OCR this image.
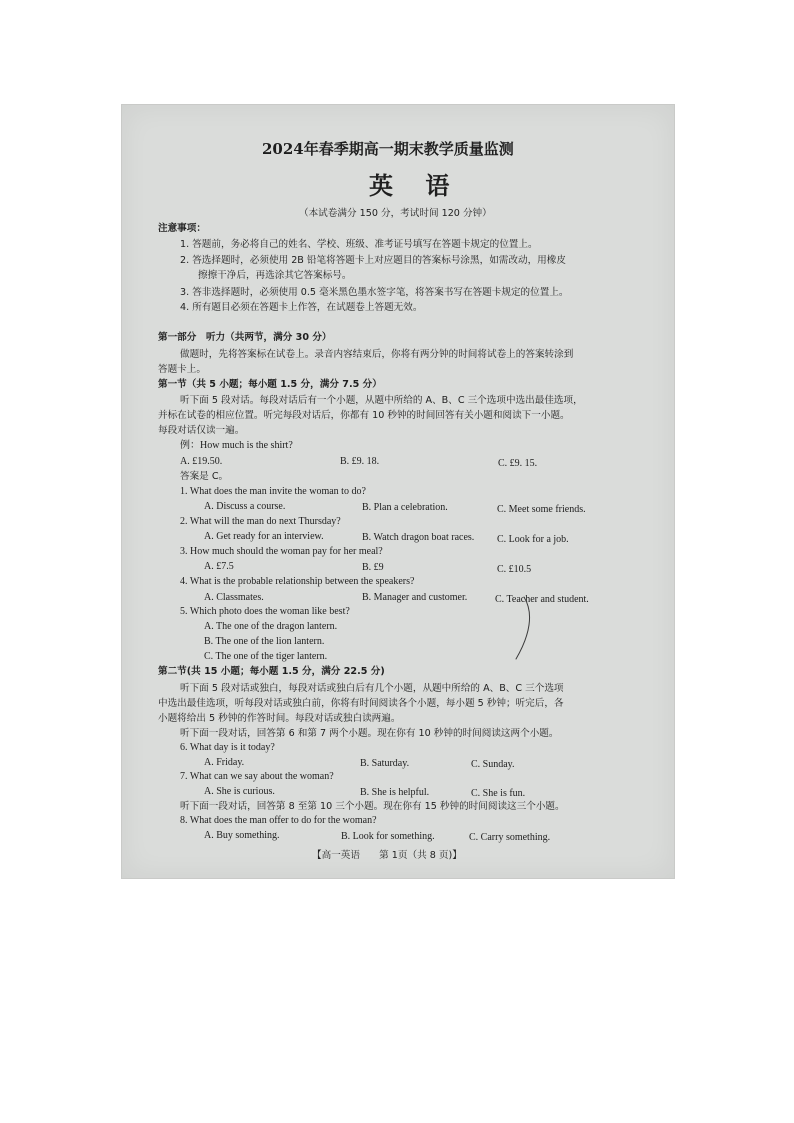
2024年春季期高一期末教学质量监测
英 语
（本试卷满分 150 分，考试时间 120 分钟）
注意事项：
1. 答题前，务必将自己的姓名、学校、班级、准考证号填写在答题卡规定的位置上。
2. 答选择题时，必须使用 2B 铅笔将答题卡上对应题目的答案标号涂黑，如需改动，用橡皮
擦擦干净后，再选涂其它答案标号。
3. 答非选择题时，必须使用 0.5 毫米黑色墨水签字笔，将答案书写在答题卡规定的位置上。
4. 所有题目必须在答题卡上作答，在试题卷上答题无效。
第一部分　听力（共两节，满分 30 分）
做题时，先将答案标在试卷上。录音内容结束后，你将有两分钟的时间将试卷上的答案转涂到
答题卡上。
第一节（共 5 小题；每小题 1.5 分，满分 7.5 分）
听下面 5 段对话。每段对话后有一个小题，从题中所给的 A、B、C 三个选项中选出最佳选项，
并标在试卷的相应位置。听完每段对话后，你都有 10 秒钟的时间回答有关小题和阅读下一小题。
每段对话仅读一遍。
例：How much is the shirt?
A. £19.50.	B. £9. 18.	C. £9. 15.
答案是 C。
1. What does the man invite the woman to do?
A. Discuss a course.	B. Plan a celebration.	C. Meet some friends.
2. What will the man do next Thursday?
A. Get ready for an interview.	B. Watch dragon boat races. C. Look for a job.
3. How much should the woman pay for her meal?
A. £7.5	B. £9	C. £10.5
4. What is the probable relationship between the speakers?
A. Classmates.	B. Manager and customer.	C. Teacher and student.
5. Which photo does the woman like best?
A. The one of the dragon lantern.
B. The one of the lion lantern.
C. The one of the tiger lantern.
第二节(共 15 小题；每小题 1.5 分，满分 22.5 分)
听下面 5 段对话或独白，每段对话或独白后有几个小题，从题中所给的 A、B、C 三个选项
中选出最佳选项，听每段对话或独白前，你将有时间阅读各个小题，每小题 5 秒钟；听完后，各
小题将给出 5 秒钟的作答时间。每段对话或独白读两遍。
听下面一段对话，回答第 6 和第 7 两个小题。现在你有 10 秒钟的时间阅读这两个小题。
6. What day is it today?
A. Friday.	B. Saturday.	C. Sunday.
7. What can we say about the woman?
A. She is curious.	B. She is helpful.	C. She is fun.
听下面一段对话，回答第 8 至第 10 三个小题。现在你有 15 秒钟的时间阅读这三个小题。
8. What does the man offer to do for the woman?
A. Buy something.	B. Look for something.	C. Carry something.
【高一英语　　第 1页（共 8 页)】
